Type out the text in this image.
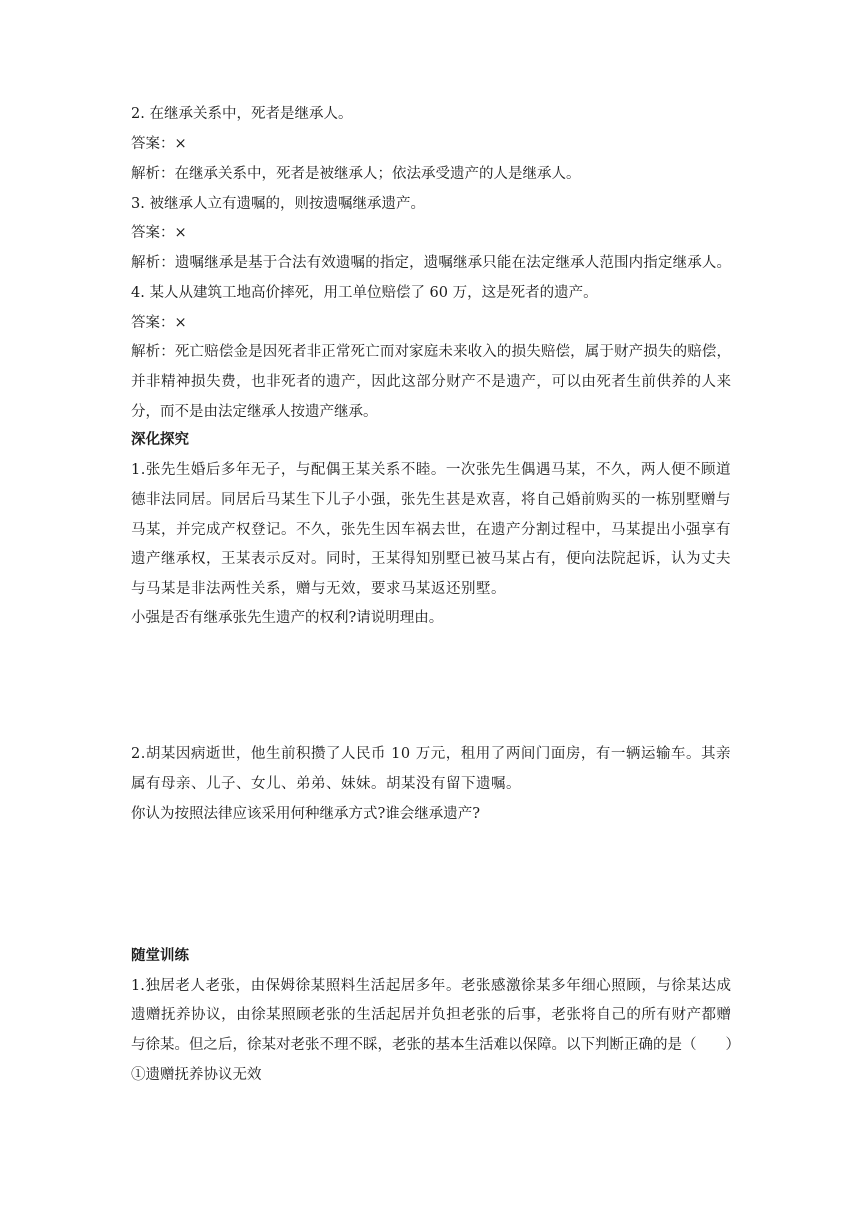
2. 在继承关系中，死者是继承人。
答案：×
解析：在继承关系中，死者是被继承人；依法承受遗产的人是继承人。
3. 被继承人立有遗嘱的，则按遗嘱继承遗产。
答案：×
解析：遗嘱继承是基于合法有效遗嘱的指定，遗嘱继承只能在法定继承人范围内指定继承人。
4. 某人从建筑工地高价摔死，用工单位赔偿了 60 万，这是死者的遗产。
答案：×
解析：死亡赔偿金是因死者非正常死亡而对家庭未来收入的损失赔偿，属于财产损失的赔偿，
并非精神损失费，也非死者的遗产，因此这部分财产不是遗产，可以由死者生前供养的人来
分，而不是由法定继承人按遗产继承。
深化探究
1.张先生婚后多年无子，与配偶王某关系不睦。一次张先生偶遇马某，不久，两人便不顾道
德非法同居。同居后马某生下儿子小强，张先生甚是欢喜，将自己婚前购买的一栋别墅赠与
马某，并完成产权登记。不久，张先生因车祸去世，在遗产分割过程中，马某提出小强享有
遗产继承权，王某表示反对。同时，王某得知别墅已被马某占有，便向法院起诉，认为丈夫
与马某是非法两性关系，赠与无效，要求马某返还别墅。
小强是否有继承张先生遗产的权利?请说明理由。
2.胡某因病逝世，他生前积攒了人民币 10 万元，租用了两间门面房，有一辆运输车。其亲
属有母亲、儿子、女儿、弟弟、妹妹。胡某没有留下遗嘱。
你认为按照法律应该采用何种继承方式?谁会继承遗产?
随堂训练
1.独居老人老张，由保姆徐某照料生活起居多年。老张感激徐某多年细心照顾，与徐某达成
遗赠抚养协议，由徐某照顾老张的生活起居并负担老张的后事，老张将自己的所有财产都赠
与徐某。但之后，徐某对老张不理不睬，老张的基本生活难以保障。以下判断正确的是（　　）
①遗赠抚养协议无效
